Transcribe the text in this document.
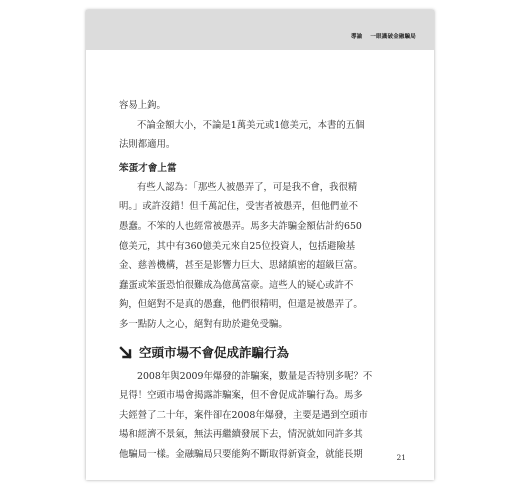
導論 一眼識破金融騙局

容易上鉤。

不論金額大小，不論是1萬美元或1億美元，本書的五個
法則都適用。

笨蛋才會上當

有些人認為：「那些人被愚弄了，可是我不會，我很精
明。」或許沒錯！但千萬記住，受害者被愚弄，但他們並不
愚蠢。不笨的人也經常被愚弄。馬多夫詐騙金額估計約650
億美元，其中有360億美元來自25位投資人，包括避險基
金、慈善機構，甚至是影響力巨大、思緒縝密的超級巨富。
蠢蛋或笨蛋恐怕很難成為億萬富豪。這些人的疑心或許不
夠，但絕對不是真的愚蠢，他們很精明，但還是被愚弄了。
多一點防人之心，絕對有助於避免受騙。

空頭市場不會促成詐騙行為

2008年與2009年爆發的詐騙案，數量是否特別多呢？不
見得！空頭市場會揭露詐騙案，但不會促成詐騙行為。馬多
夫經營了二十年，案件卻在2008年爆發，主要是遇到空頭市
場和經濟不景氣，無法再繼續發展下去，情況就如同許多其
他騙局一樣。金融騙局只要能夠不斷取得新資金，就能長期	21
